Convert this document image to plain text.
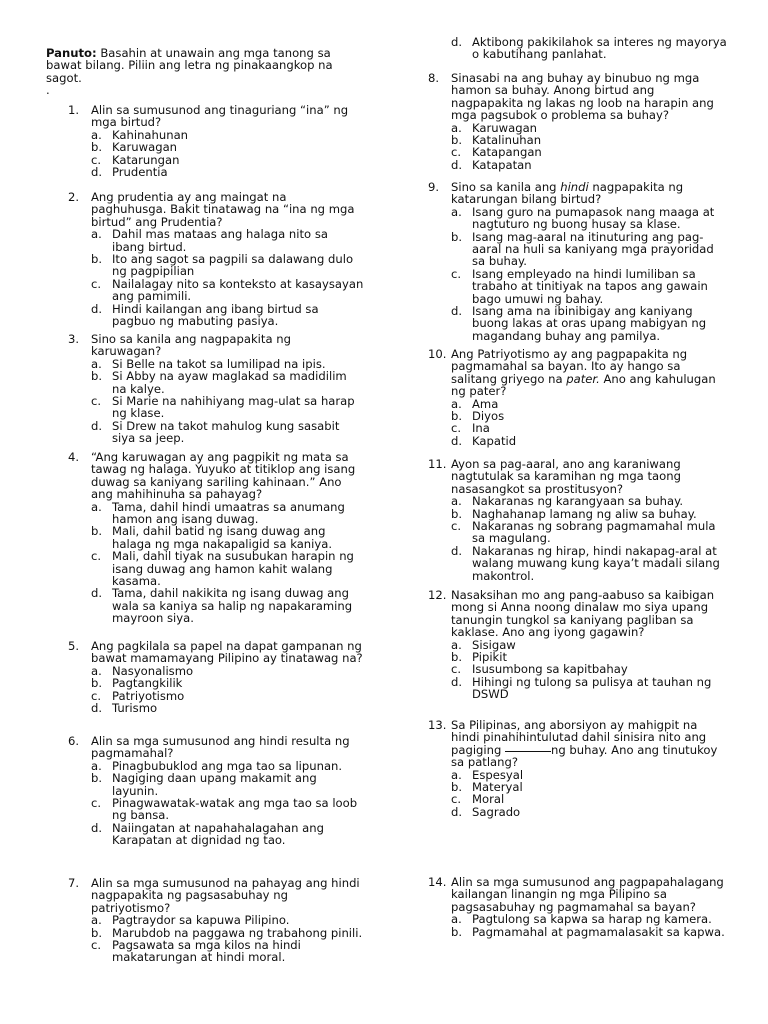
Panuto: Basahin at unawain ang mga tanong sa bawat bilang. Piliin ang letra ng pinakaangkop na sagot.
.
1.	Alin sa sumusunod ang tinaguriang “ina” ng mga birtud?
a. Kahinahunan
b. Karuwagan
c. Katarungan
d. Prudentia
2.	Ang prudentia ay ang maingat na paghuhusga. Bakit tinatawag na “ina ng mga birtud” ang Prudentia?
a. Dahil mas mataas ang halaga nito sa ibang birtud.
b. Ito ang sagot sa pagpili sa dalawang dulo ng pagpipilian
c. Nailalagay nito sa konteksto at kasaysayan ang pamimili.
d. Hindi kailangan ang ibang birtud sa pagbuo ng mabuting pasiya.
3.	Sino sa kanila ang nagpapakita ng karuwagan?
a. Si Belle na takot sa lumilipad na ipis.
b. Si Abby na ayaw maglakad sa madidilim na kalye.
c. Si Marie na nahihiyang mag-ulat sa harap ng klase.
d. Si Drew na takot mahulog kung sasabit siya sa jeep.
4.	“Ang karuwagan ay ang pagpikit ng mata sa tawag ng halaga. Yuyuko at titiklop ang isang duwag sa kaniyang sariling kahinaan.” Ano ang mahihinuha sa pahayag?
a. Tama, dahil hindi umaatras sa anumang hamon ang isang duwag.
b. Mali, dahil batid ng isang duwag ang halaga ng mga nakapaligid sa kaniya.
c. Mali, dahil tiyak na susubukan harapin ng isang duwag ang hamon kahit walang kasama.
d. Tama, dahil nakikita ng isang duwag ang wala sa kaniya sa halip ng napakaraming mayroon siya.
5.	Ang pagkilala sa papel na dapat gampanan ng bawat mamamayang Pilipino ay tinatawag na?
a. Nasyonalismo
b. Pagtangkilik
c. Patriyotismo
d. Turismo
6.	Alin sa mga sumusunod ang hindi resulta ng pagmamahal?
a. Pinagbubuklod ang mga tao sa lipunan.
b. Nagiging daan upang makamit ang layunin.
c. Pinagwawatak-watak ang mga tao sa loob ng bansa.
d. Naiingatan at napahahalagahan ang Karapatan at dignidad ng tao.
7.	Alin sa mga sumusunod na pahayag ang hindi nagpapakita ng pagsasabuhay ng patriyotismo?
a. Pagtraydor sa kapuwa Pilipino.
b. Marubdob na paggawa ng trabahong pinili.
c. Pagsawata sa mga kilos na hindi makatarungan at hindi moral.
d. Aktibong pakikilahok sa interes ng mayorya o kabutihang panlahat.
8.	Sinasabi na ang buhay ay binubuo ng mga hamon sa buhay. Anong birtud ang nagpapakita ng lakas ng loob na harapin ang mga pagsubok o problema sa buhay?
a. Karuwagan
b. Katalinuhan
c. Katapangan
d. Katapatan
9.	Sino sa kanila ang hindi nagpapakita ng katarungan bilang birtud?
a. Isang guro na pumapasok nang maaga at nagtuturo ng buong husay sa klase.
b. Isang mag-aaral na itinuturing ang pag-aaral na huli sa kaniyang mga prayoridad sa buhay.
c. Isang empleyado na hindi lumiliban sa trabaho at tinitiyak na tapos ang gawain bago umuwi ng bahay.
d. Isang ama na ibinibigay ang kaniyang buong lakas at oras upang mabigyan ng magandang buhay ang pamilya.
10. Ang Patriyotismo ay ang pagpapakita ng pagmamahal sa bayan. Ito ay hango sa salitang griyego na pater. Ano ang kahulugan ng pater?
a. Ama
b. Diyos
c. Ina
d. Kapatid
11. Ayon sa pag-aaral, ano ang karaniwang nagtutulak sa karamihan ng mga taong nasasangkot sa prostitusyon?
a. Nakaranas ng karangyaan sa buhay.
b. Naghahanap lamang ng aliw sa buhay.
c. Nakaranas ng sobrang pagmamahal mula sa magulang.
d. Nakaranas ng hirap, hindi nakapag-aral at walang muwang kung kaya’t madali silang makontrol.
12. Nasaksihan mo ang pang-aabuso sa kaibigan mong si Anna noong dinalaw mo siya upang tanungin tungkol sa kaniyang pagliban sa kaklase. Ano ang iyong gagawin?
a. Sisigaw
b. Pipikit
c. Isusumbong sa kapitbahay
d. Hihingi ng tulong sa pulisya at tauhan ng DSWD
13. Sa Pilipinas, ang aborsiyon ay mahigpit na hindi pinahihintulutad dahil sinisira nito ang pagiging	ng buhay. Ano ang tinutukoy sa patlang?
a. Espesyal
b. Materyal
c. Moral
d. Sagrado
14. Alin sa mga sumusunod ang pagpapahalagang kailangan linangin ng mga Pilipino sa pagsasabuhay ng pagmamahal sa bayan?
a. Pagtulong sa kapwa sa harap ng kamera.
b. Pagmamahal at pagmamalasakit sa kapwa.
